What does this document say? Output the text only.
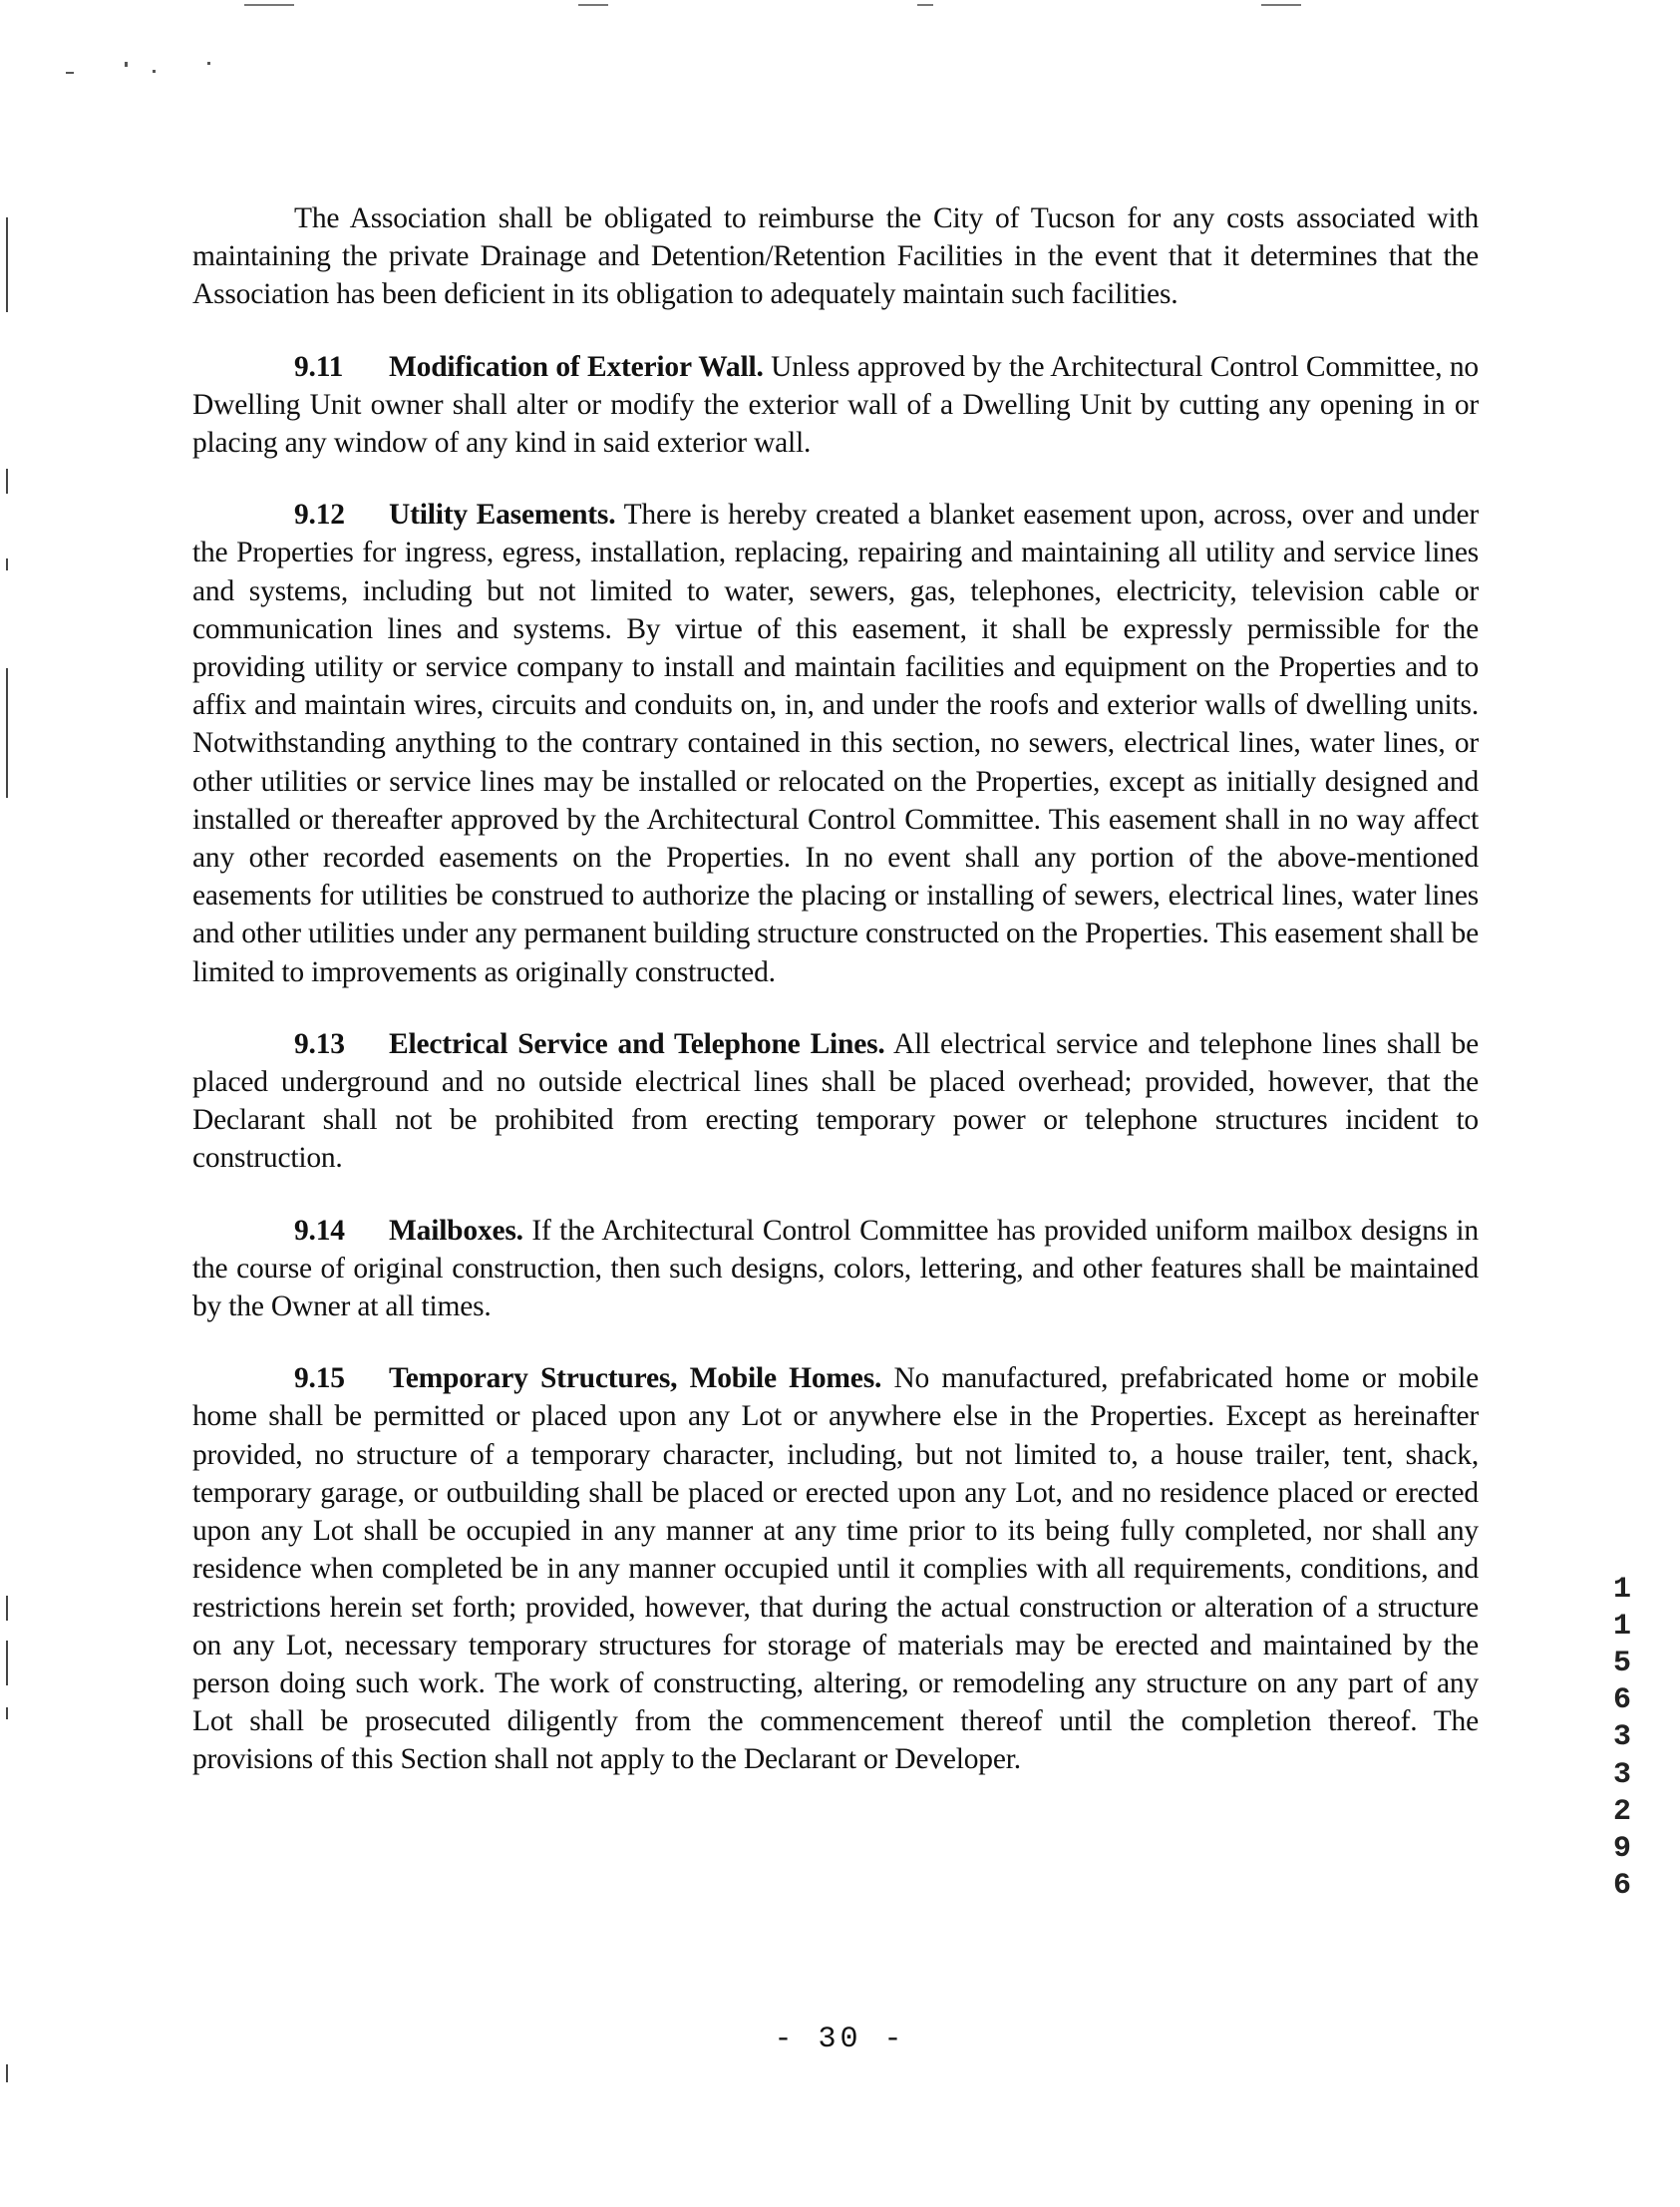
The Association shall be obligated to reimburse the City of Tucson for any costs associated with maintaining the private Drainage and Detention/Retention Facilities in the event that it determines that the Association has been deficient in its obligation to adequately maintain such facilities.

9.11 Modification of Exterior Wall. Unless approved by the Architectural Control Committee, no Dwelling Unit owner shall alter or modify the exterior wall of a Dwelling Unit by cutting any opening in or placing any window of any kind in said exterior wall.

9.12 Utility Easements. There is hereby created a blanket easement upon, across, over and under the Properties for ingress, egress, installation, replacing, repairing and maintaining all utility and service lines and systems, including but not limited to water, sewers, gas, telephones, electricity, television cable or communication lines and systems. By virtue of this easement, it shall be expressly permissible for the providing utility or service company to install and maintain facilities and equipment on the Properties and to affix and maintain wires, circuits and conduits on, in, and under the roofs and exterior walls of dwelling units. Notwithstanding anything to the contrary contained in this section, no sewers, electrical lines, water lines, or other utilities or service lines may be installed or relocated on the Properties, except as initially designed and installed or thereafter approved by the Architectural Control Committee. This easement shall in no way affect any other recorded easements on the Properties. In no event shall any portion of the above-mentioned easements for utilities be construed to authorize the placing or installing of sewers, electrical lines, water lines and other utilities under any permanent building structure constructed on the Properties. This easement shall be limited to improvements as originally constructed.

9.13 Electrical Service and Telephone Lines. All electrical service and telephone lines shall be placed underground and no outside electrical lines shall be placed overhead; provided, however, that the Declarant shall not be prohibited from erecting temporary power or telephone structures incident to construction.

9.14 Mailboxes. If the Architectural Control Committee has provided uniform mailbox designs in the course of original construction, then such designs, colors, lettering, and other features shall be maintained by the Owner at all times.

9.15 Temporary Structures, Mobile Homes. No manufactured, prefabricated home or mobile home shall be permitted or placed upon any Lot or anywhere else in the Properties. Except as hereinafter provided, no structure of a temporary character, including, but not limited to, a house trailer, tent, shack, temporary garage, or outbuilding shall be placed or erected upon any Lot, and no residence placed or erected upon any Lot shall be occupied in any manner at any time prior to its being fully completed, nor shall any residence when completed be in any manner occupied until it complies with all requirements, conditions, and restrictions herein set forth; provided, however, that during the actual construction or alteration of a structure on any Lot, necessary temporary structures for storage of materials may be erected and maintained by the person doing such work. The work of constructing, altering, or remodeling any structure on any part of any Lot shall be prosecuted diligently from the commencement thereof until the completion thereof. The provisions of this Section shall not apply to the Declarant or Developer.

1
1
5
6
3
3
2
9
6
- 30 -
